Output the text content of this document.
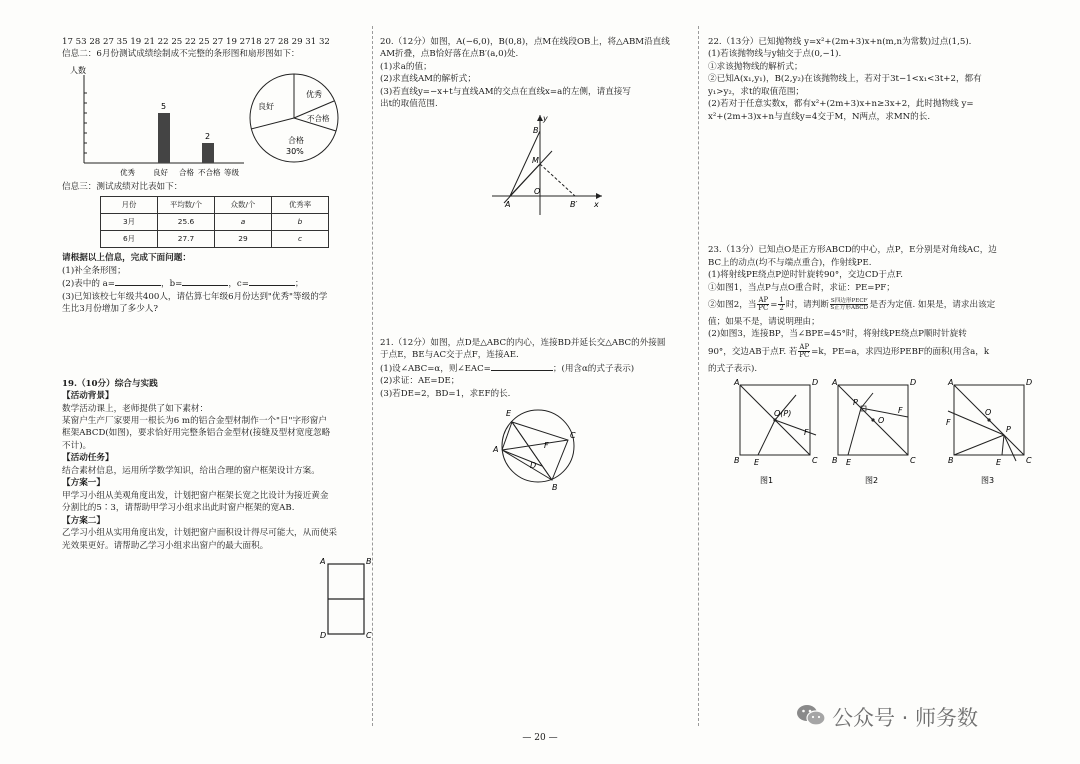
17 53 28 27 35 19 21 22 25 22 25 27 19 2718 27 28 29 31 32
信息二：6月份测试成绩绘制成不完整的条形图和扇形图如下：
人数
5
2
优秀 良好 合格 不合格 等级
优秀
良好
不合格
合格
30%
信息三：测试成绩对比表如下：
月份	平均数/个	众数/个	优秀率
3月	25.6	a	b
6月	27.7	29	c
请根据以上信息，完成下面问题：
(1)补全条形图；
(2)表中的 a=	，b=	，c=	；
(3)已知该校七年级共400人，请估算七年级6月份达到"优秀"等级的学
生比3月份增加了多少人?
19.（10分）综合与实践
【活动背景】
数学活动课上，老师提供了如下素材：
某窗户生产厂家要用一根长为6 m的铝合金型材制作一个"日"字形窗户
框架ABCD(如图)，要求恰好用完整条铝合金型材(接缝及型材宽度忽略
不计)。
【活动任务】
结合素材信息，运用所学数学知识，给出合理的窗户框架设计方案。
【方案一】
甲学习小组从美观角度出发，计划把窗户框架长宽之比设计为接近黄金
分割比的5∶3，请帮助甲学习小组求出此时窗户框架的宽AB.
【方案二】
乙学习小组从实用角度出发，计划把窗户面积设计得尽可能大，从而使采
光效果更好。请帮助乙学习小组求出窗户的最大面积。
A	B
D	C
20.（12分）如图，A(−6,0)，B(0,8)，点M在线段OB上，将△ABM沿直线
AM折叠，点B恰好落在点B′(a,0)处.
(1)求a的值；
(2)求直线AM的解析式；
(3)若直线y=−x+t与直线AM的交点在直线x=a的左侧，请直接写
出t的取值范围.
y
B
M
A
O
B′ x
21.（12分）如图，点D是△ABC的内心，连接BD并延长交△ABC的外接圆
于点E，BE与AC交于点F，连接AE.
(1)设∠ABC=α，则∠EAC=	；(用含α的式子表示)
(2)求证：AE=DE；
(3)若DE=2，BD=1，求EF的长.
C
E
F
A
D
B
22.（13分）已知抛物线 y=x²+(2m+3)x+n(m,n为常数)过点(1,5).
(1)若该抛物线与y轴交于点(0,−1).
①求该抛物线的解析式；
②已知A(x₁,y₁)，B(2,y₂)在该抛物线上，若对于3t−1<x₁<3t+2，都有
y₁>y₂，求t的取值范围；
(2)若对于任意实数x，都有x²+(2m+3)x+n≥3x+2，此时抛物线 y=
x²+(2m+3)x+n与直线y=4交于M，N两点，求MN的长.
23.（13分）已知点O是正方形ABCD的中心，点P，E分别是对角线AC，边
BC上的动点(均不与端点重合)，作射线PE.
(1)将射线PE绕点P逆时针旋转90°，交边CD于点F.
①如图1，当点P与点O重合时，求证：PE=PF；
②如图2，当 $\frac{AP}{PC} = \frac{1}{2}$ 时，请判断 S四边形PECF
S正方形ABCD 是否为定值. 如果是，请求出该定
值；如果不是，请说明理由；
(2)如图3，连接BP，当∠BPE=45°时，将射线PE绕点P顺时针旋转
90°，交边AB于点F. 若 $\frac{AP}{PC} =k$，PE=a，求四边形PEBF的面积(用含a，k
的式子表示).
A	D
O(P)
F
B E	C
图1
A	D
P
O
F
B E	C
图2
A	D
O
P
F
B	E	C
图3
— 20 —
公众号 · 师务数
